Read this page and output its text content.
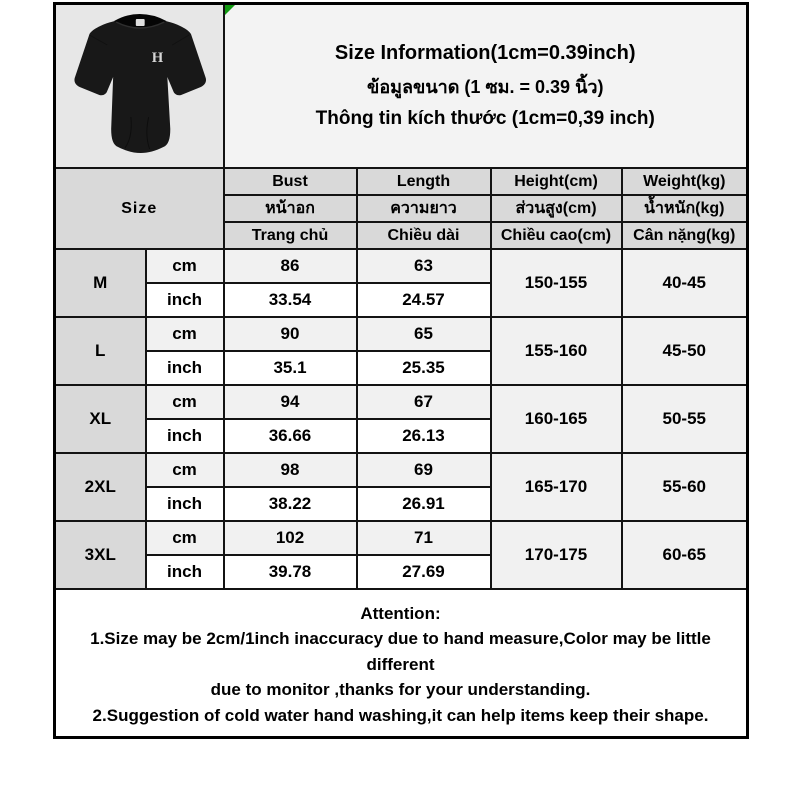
H		Size Information(1cm=0.39inch)
ข้อมูลขนาด (1 ซม. = 0.39 นิ้ว)
Thông tin kích thước (1cm=0,39 inch)			

Size		Bust	Length	Height(cm)	Weight(kg)
		หน้าอก	ความยาว	ส่วนสูง(cm)	น้ำหนัก(kg)
		Trang chủ	Chiều dài	Chiều cao(cm)	Cân nặng(kg)
M	cm	86	63	150-155	40-45
	inch	33.54	24.57		
L	cm	90	65	155-160	45-50
	inch	35.1	25.35		
XL	cm	94	67	160-165	50-55
	inch	36.66	26.13		
2XL	cm	98	69	165-170	55-60
	inch	38.22	26.91		
3XL	cm	102	71	170-175	60-65
	inch	39.78	27.69		

Attention:
1.Size may be 2cm/1inch inaccuracy due to hand measure,Color may be little different
due to monitor ,thanks for your understanding.
2.Suggestion of cold water hand washing,it can help items keep their shape.					
